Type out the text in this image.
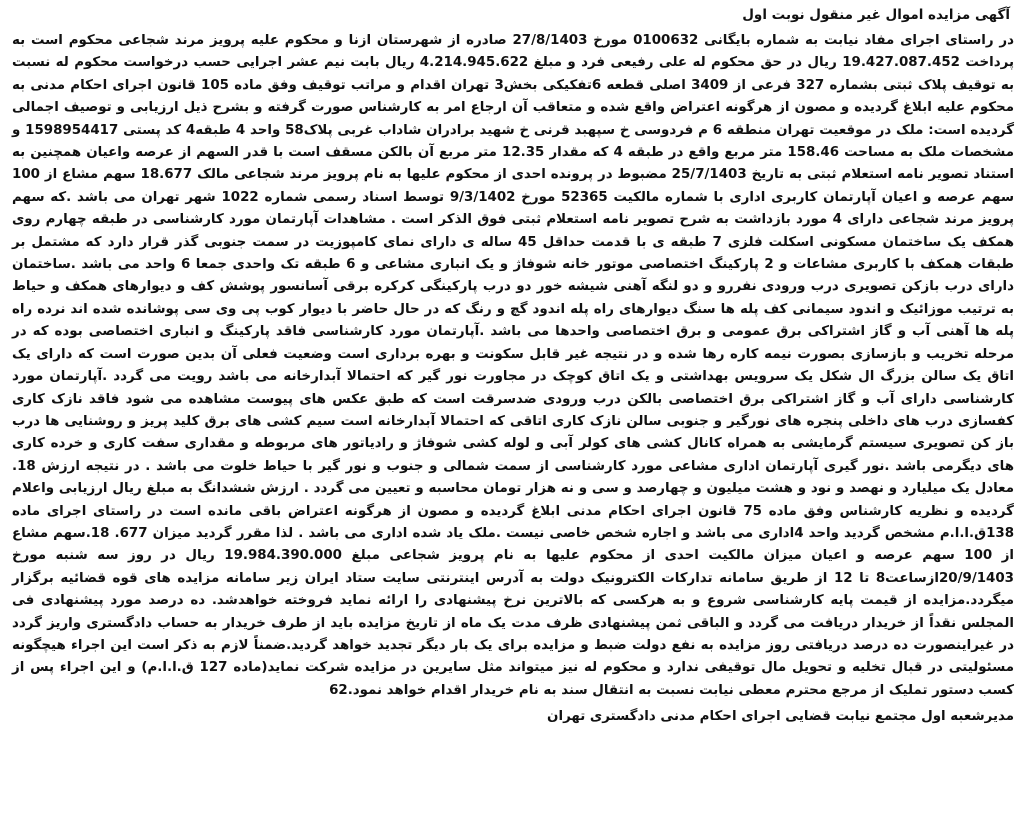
آگهی مزایده اموال غیر منقول نوبت اول

در راستای اجرای مفاد نیابت به شماره بایگانی 0100632 مورخ 27/8/1403 صادره از شهرستان ازنا و محکوم علیه پرویز مرند شجاعی محکوم است به پرداخت 19.427.087.452 ریال در حق محکوم له علی رفیعی فرد و مبلغ 4.214.945.622 ریال بابت نیم عشر اجرایی حسب درخواست محکوم له نسبت به توقیف پلاک ثبتی بشماره 327 فرعی از 3409 اصلی قطعه 6تفکیکی بخش3 تهران اقدام و مراتب توقیف وفق ماده 105 قانون اجرای احکام مدنی به محکوم علیه ابلاغ گردیده و مصون از هرگونه اعتراض واقع شده و متعاقب آن ارجاع امر به کارشناس صورت گرفته و بشرح ذیل ارزیابی و توصیف اجمالی گردیده است: ملک در موقعیت تهران منطقه 6 م فردوسی خ سپهبد قرنی خ شهید برادران شاداب غربی پلاک58 واحد 4 طبقه4 کد پستی 1598954417 و مشخصات ملک به مساحت 158.46 متر مربع واقع در طبقه 4 که مقدار 12.35 متر مربع آن بالکن مسقف است با قدر السهم از عرصه واعیان همچنین به استناد تصویر نامه استعلام ثبتی به تاریخ 25/7/1403 مضبوط در پرونده احدی از محکوم علیها به نام پرویز مرند شجاعی مالک 18.677 سهم مشاع از 100 سهم عرصه و اعیان آپارتمان کاربری اداری با شماره مالکیت 52365 مورخ 9/3/1402 توسط اسناد رسمی شماره 1022 شهر تهران می باشد .که سهم پرویز مرند شجاعی دارای 4 مورد بازداشت به شرح تصویر نامه استعلام ثبتی فوق الذکر است . مشاهدات آپارتمان مورد کارشناسی در طبقه چهارم روی همکف یک ساختمان مسکونی اسکلت فلزی 7 طبقه ی با قدمت حداقل 45 ساله ی دارای نمای کامپوزیت در سمت جنوبی گذر قرار دارد که مشتمل بر طبقات همکف با کاربری مشاعات و 2 پارکینگ اختصاصی موتور خانه شوفاژ و یک انباری مشاعی و 6 طبقه تک واحدی جمعا 6 واحد می باشد .ساختمان دارای درب بازکن تصویری درب ورودی نفررو و دو لنگه آهنی شیشه خور دو درب پارکینگی کرکره برقی آسانسور پوشش کف و دیوارهای همکف و حیاط به ترتیب موزائیک و اندود سیمانی کف پله ها سنگ دیوارهای راه پله اندود گچ و رنگ که در حال حاضر با دیوار کوب پی وی سی پوشانده شده اند نرده راه پله ها آهنی آب و گاز اشتراکی برق عمومی و برق اختصاصی واحدها می باشد .آپارتمان مورد کارشناسی فاقد پارکینگ و انباری اختصاصی بوده که در مرحله تخریب و بازسازی بصورت نیمه کاره رها شده و در نتیجه غیر قابل سکونت و بهره برداری است وضعیت فعلی آن بدین صورت است که دارای یک اتاق یک سالن بزرگ ال شکل یک سرویس بهداشتی و یک اتاق کوچک در مجاورت نور گیر که احتمالا آبدارخانه می باشد رویت می گردد .آپارتمان مورد کارشناسی دارای آب و گاز اشتراکی برق اختصاصی بالکن درب ورودی ضدسرقت است که طبق عکس های پیوست مشاهده می شود فاقد نازک کاری کفسازی درب های داخلی پنجره های نورگیر و جنوبی سالن نازک کاری اتاقی که احتمالا آبدارخانه است سیم کشی های برق کلید پریز و روشنایی ها درب باز کن تصویری سیستم گرمایشی به همراه کانال کشی های کولر آبی و لوله کشی شوفاژ و رادیاتور های مربوطه و مقداری سفت کاری و خرده کاری های دیگرمی باشد .نور گیری آپارتمان اداری مشاعی مورد کارشناسی از سمت شمالی و جنوب و نور گیر با حیاط خلوت می باشد . در نتیجه ارزش 18. معادل یک میلیارد و نهصد و نود و هشت میلیون و چهارصد و سی و نه هزار تومان محاسبه و تعیین می گردد . ارزش ششدانگ به مبلغ ریال ارزیابی واعلام گردیده و نظریه کارشناس وفق ماده 75 قانون اجرای احکام مدنی ابلاغ گردیده و مصون از هرگونه اعتراض باقی مانده است در راستای اجرای ماده 138ق.ا.ا.م مشخص گردید واحد 4اداری می باشد و اجاره شخص خاصی نیست .ملک یاد شده اداری می باشد . لذا مقرر گردید میزان 677. 18.سهم مشاع از 100 سهم عرصه و اعیان میزان مالکیت احدی از محکوم علیها به نام پرویز شجاعی مبلغ 19.984.390.000 ریال در روز سه شنبه مورخ 20/9/1403ازساعت8 تا 12 از طریق سامانه تدارکات الکترونیک دولت به آدرس اینترنتی سایت ستاد ایران زیر سامانه مزایده های قوه قضائیه برگزار میگردد.مزایده از قیمت پایه کارشناسی شروع و به هرکسی که بالاترین نرخ پیشنهادی را ارائه نماید فروخته خواهدشد. ده درصد مورد پیشنهادی فی المجلس نقداً از خریدار دریافت می گردد و الباقی ثمن پیشنهادی ظرف مدت یک ماه از تاریخ مزایده باید از طرف خریدار به حساب دادگستری واریز گردد در غیراینصورت ده درصد دریافتی روز مزایده به نفع دولت ضبط و مزایده برای یک بار دیگر تجدید خواهد گردید.ضمناً لازم به ذکر است این اجراء هیچگونه مسئولیتی در قبال تخلیه و تحویل مال توقیفی ندارد و محکوم له نیز میتواند مثل سایرین در مزایده شرکت نماید(ماده 127 ق.ا.ا.م) و این اجراء پس از کسب دستور تملیک از مرجع محترم معطی نیابت نسبت به انتقال سند به نام خریدار اقدام خواهد نمود.62

مدیرشعبه اول مجتمع نیابت قضایی اجرای احکام مدنی دادگستری تهران
